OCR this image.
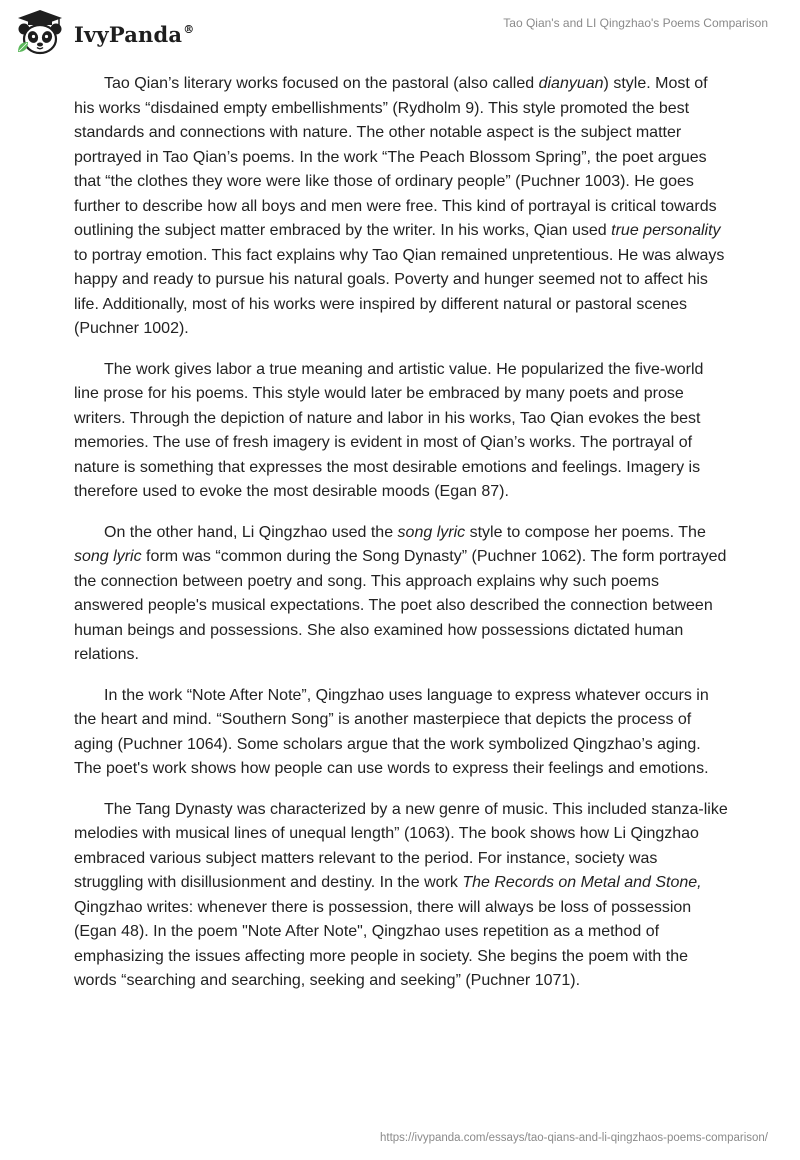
IvyPanda®	Tao Qian's and LI Qingzhao's Poems Comparison

Tao Qian’s literary works focused on the pastoral (also called dianyuan) style. Most of his works “disdained empty embellishments” (Rydholm 9). This style promoted the best standards and connections with nature. The other notable aspect is the subject matter portrayed in Tao Qian’s poems. In the work “The Peach Blossom Spring”, the poet argues that “the clothes they wore were like those of ordinary people” (Puchner 1003). He goes further to describe how all boys and men were free. This kind of portrayal is critical towards outlining the subject matter embraced by the writer. In his works, Qian used true personality to portray emotion. This fact explains why Tao Qian remained unpretentious. He was always happy and ready to pursue his natural goals. Poverty and hunger seemed not to affect his life. Additionally, most of his works were inspired by different natural or pastoral scenes (Puchner 1002).

The work gives labor a true meaning and artistic value. He popularized the five-world line prose for his poems. This style would later be embraced by many poets and prose writers. Through the depiction of nature and labor in his works, Tao Qian evokes the best memories. The use of fresh imagery is evident in most of Qian’s works. The portrayal of nature is something that expresses the most desirable emotions and feelings. Imagery is therefore used to evoke the most desirable moods (Egan 87).

On the other hand, Li Qingzhao used the song lyric style to compose her poems. The song lyric form was “common during the Song Dynasty” (Puchner 1062). The form portrayed the connection between poetry and song. This approach explains why such poems answered people's musical expectations. The poet also described the connection between human beings and possessions. She also examined how possessions dictated human relations.

In the work “Note After Note”, Qingzhao uses language to express whatever occurs in the heart and mind. “Southern Song” is another masterpiece that depicts the process of aging (Puchner 1064). Some scholars argue that the work symbolized Qingzhao’s aging. The poet's work shows how people can use words to express their feelings and emotions.

The Tang Dynasty was characterized by a new genre of music. This included stanza-like melodies with musical lines of unequal length” (1063). The book shows how Li Qingzhao embraced various subject matters relevant to the period. For instance, society was struggling with disillusionment and destiny. In the work The Records on Metal and Stone, Qingzhao writes: whenever there is possession, there will always be loss of possession (Egan 48). In the poem "Note After Note", Qingzhao uses repetition as a method of emphasizing the issues affecting more people in society. She begins the poem with the words “searching and searching, seeking and seeking” (Puchner 1071).

https://ivypanda.com/essays/tao-qians-and-li-qingzhaos-poems-comparison/
